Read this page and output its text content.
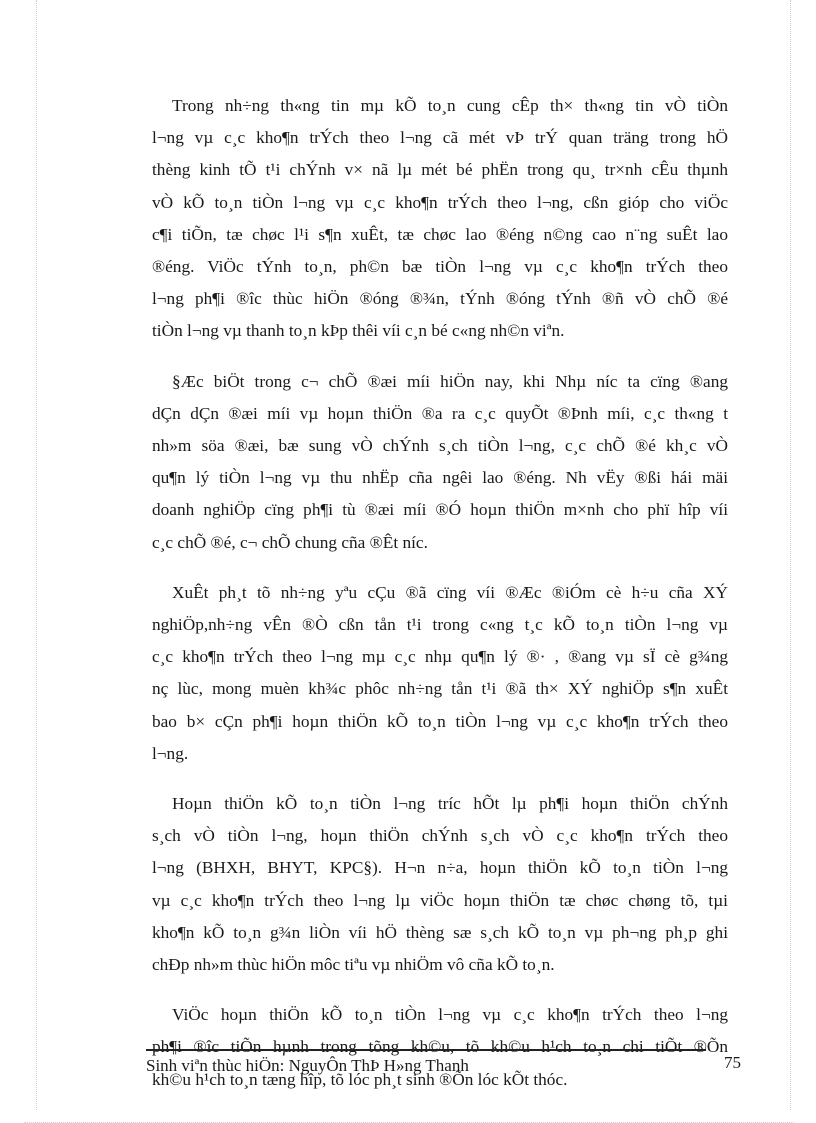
Trong nh÷ng th«ng tin mµ kÕ to¸n cung cÊp th× th«ng tin vÒ tiÒn
l¬ng vµ c¸c kho¶n trÝch theo l¬ng cã mét vÞ trÝ quan träng trong hÖ
thèng kinh tÕ t¹i chÝnh v× nã lµ mét bé phËn trong qu¸ tr×nh cÊu thµnh
vÒ kÕ to¸n tiÒn l¬ng vµ c¸c kho¶n trÝch theo l¬ng, cßn gióp cho viÖc
c¶i tiÕn, tæ chøc l¹i s¶n xuÊt, tæ chøc lao ®éng n©ng cao n¨ng suÊt lao
®éng. ViÖc tÝnh to¸n, ph©n bæ tiÒn l¬ng vµ c¸c kho¶n trÝch theo
l¬ng ph¶i ®îc thùc hiÖn ®óng ®¾n, tÝnh ®óng tÝnh ®ñ vÒ chÕ ®é
tiÒn l¬ng vµ thanh to¸n kÞp thêi víi c¸n bé c«ng nh©n viªn.
§Æc biÖt trong c¬ chÕ ®æi míi hiÖn nay, khi Nhµ níc ta cïng ®ang
dÇn dÇn ®æi míi vµ hoµn thiÖn ®a ra c¸c quyÕt ®Þnh míi, c¸c th«ng t
nh»m söa ®æi, bæ sung vÒ chÝnh s¸ch tiÒn l¬ng, c¸c chÕ ®é kh¸c vÒ
qu¶n lý tiÒn l¬ng vµ thu nhËp cña ngêi lao ®éng. Nh vËy ®ßi hái mäi
doanh nghiÖp cïng ph¶i tù ®æi míi ®Ó hoµn thiÖn m×nh cho phï hîp víi
c¸c chÕ ®é, c¬ chÕ chung cña ®Êt níc.
XuÊt ph¸t tõ nh÷ng yªu cÇu ®ã cïng víi ®Æc ®iÓm cè h÷u cña XÝ
nghiÖp,nh÷ng vÊn ®Ò cßn tån t¹i trong c«ng t¸c kÕ to¸n tiÒn l¬ng vµ
c¸c kho¶n trÝch theo l¬ng mµ c¸c nhµ qu¶n lý ®· , ®ang vµ sÏ cè g¾ng
nç lùc, mong muèn kh¾c phôc nh÷ng tån t¹i ®ã th× XÝ nghiÖp s¶n xuÊt
bao b× cÇn ph¶i hoµn thiÖn kÕ to¸n tiÒn l¬ng vµ c¸c kho¶n trÝch theo
l¬ng.
Hoµn thiÖn kÕ to¸n tiÒn l¬ng tríc hÕt lµ ph¶i hoµn thiÖn chÝnh
s¸ch vÒ tiÒn l¬ng, hoµn thiÖn chÝnh s¸ch vÒ c¸c kho¶n trÝch theo
l¬ng (BHXH, BHYT, KPC§). H¬n n÷a, hoµn thiÖn kÕ to¸n tiÒn l¬ng
vµ c¸c kho¶n trÝch theo l¬ng lµ viÖc hoµn thiÖn tæ chøc chøng tõ, tµi
kho¶n kÕ to¸n g¾n liÒn víi hÖ thèng sæ s¸ch kÕ to¸n vµ ph¬ng ph¸p ghi
chÐp nh»m thùc hiÖn môc tiªu vµ nhiÖm vô cña kÕ to¸n.
ViÖc hoµn thiÖn kÕ to¸n tiÒn l¬ng vµ c¸c kho¶n trÝch theo l¬ng
ph¶i ®îc tiÕn hµnh trong tõng kh©u, tõ kh©u h¹ch to¸n chi tiÕt ®Õn
kh©u h¹ch to¸n tæng hîp, tõ lóc ph¸t sinh ®Õn lóc kÕt thóc.
Sinh viªn thùc hiÖn: NguyÔn ThÞ H»ng Thanh	75
